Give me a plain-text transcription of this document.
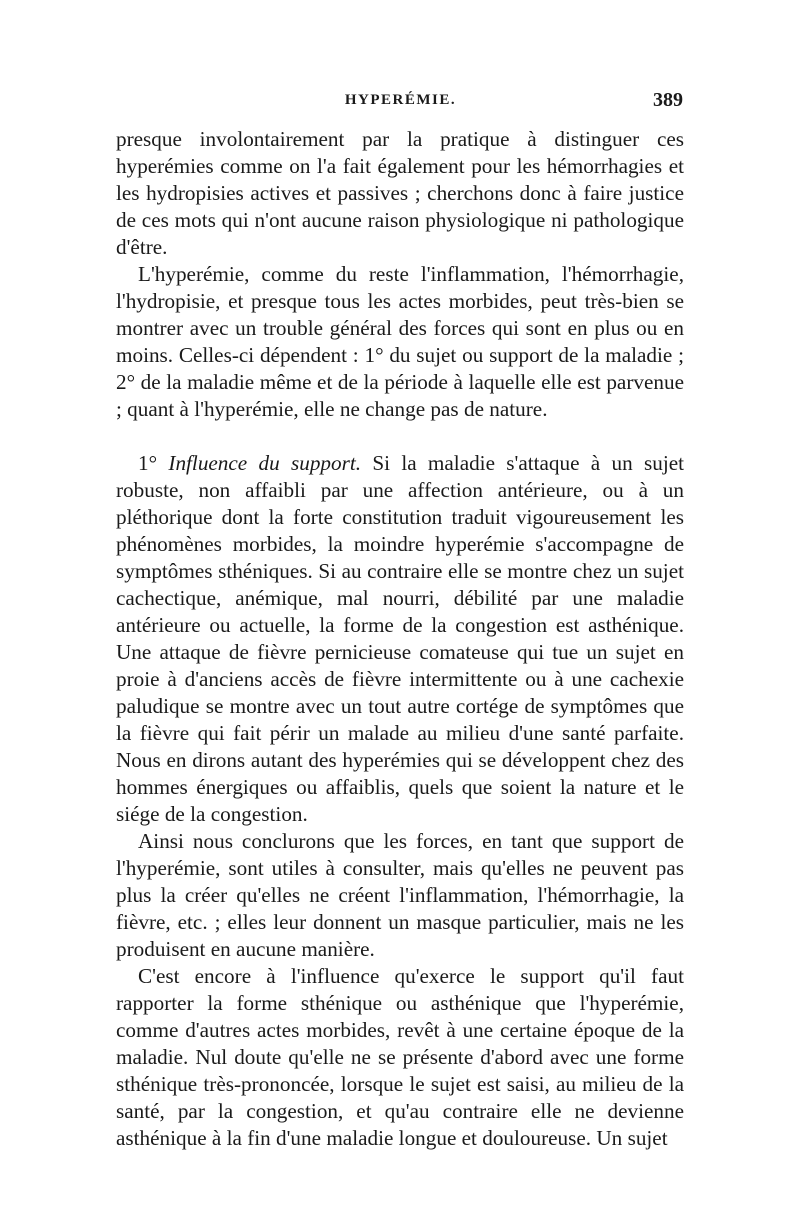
HYPERÉMIE.	389

presque involontairement par la pratique à distinguer ces hyperémies comme on l'a fait également pour les hémorrhagies et les hydropisies actives et passives ; cherchons donc à faire justice de ces mots qui n'ont aucune raison physiologique ni pathologique d'être.

L'hyperémie, comme du reste l'inflammation, l'hémorrhagie, l'hydropisie, et presque tous les actes morbides, peut très-bien se montrer avec un trouble général des forces qui sont en plus ou en moins. Celles-ci dépendent : 1° du sujet ou support de la maladie ; 2° de la maladie même et de la période à laquelle elle est parvenue ; quant à l'hyperémie, elle ne change pas de nature.

1° Influence du support. Si la maladie s'attaque à un sujet robuste, non affaibli par une affection antérieure, ou à un pléthorique dont la forte constitution traduit vigoureusement les phénomènes morbides, la moindre hyperémie s'accompagne de symptômes sthéniques. Si au contraire elle se montre chez un sujet cachectique, anémique, mal nourri, débilité par une maladie antérieure ou actuelle, la forme de la congestion est asthénique. Une attaque de fièvre pernicieuse comateuse qui tue un sujet en proie à d'anciens accès de fièvre intermittente ou à une cachexie paludique se montre avec un tout autre cortége de symptômes que la fièvre qui fait périr un malade au milieu d'une santé parfaite. Nous en dirons autant des hyperémies qui se développent chez des hommes énergiques ou affaiblis, quels que soient la nature et le siége de la congestion.

Ainsi nous conclurons que les forces, en tant que support de l'hyperémie, sont utiles à consulter, mais qu'elles ne peuvent pas plus la créer qu'elles ne créent l'inflammation, l'hémorrhagie, la fièvre, etc. ; elles leur donnent un masque particulier, mais ne les produisent en aucune manière.

C'est encore à l'influence qu'exerce le support qu'il faut rapporter la forme sthénique ou asthénique que l'hyperémie, comme d'autres actes morbides, revêt à une certaine époque de la maladie. Nul doute qu'elle ne se présente d'abord avec une forme sthénique très-prononcée, lorsque le sujet est saisi, au milieu de la santé, par la congestion, et qu'au contraire elle ne devienne asthénique à la fin d'une maladie longue et douloureuse. Un sujet
